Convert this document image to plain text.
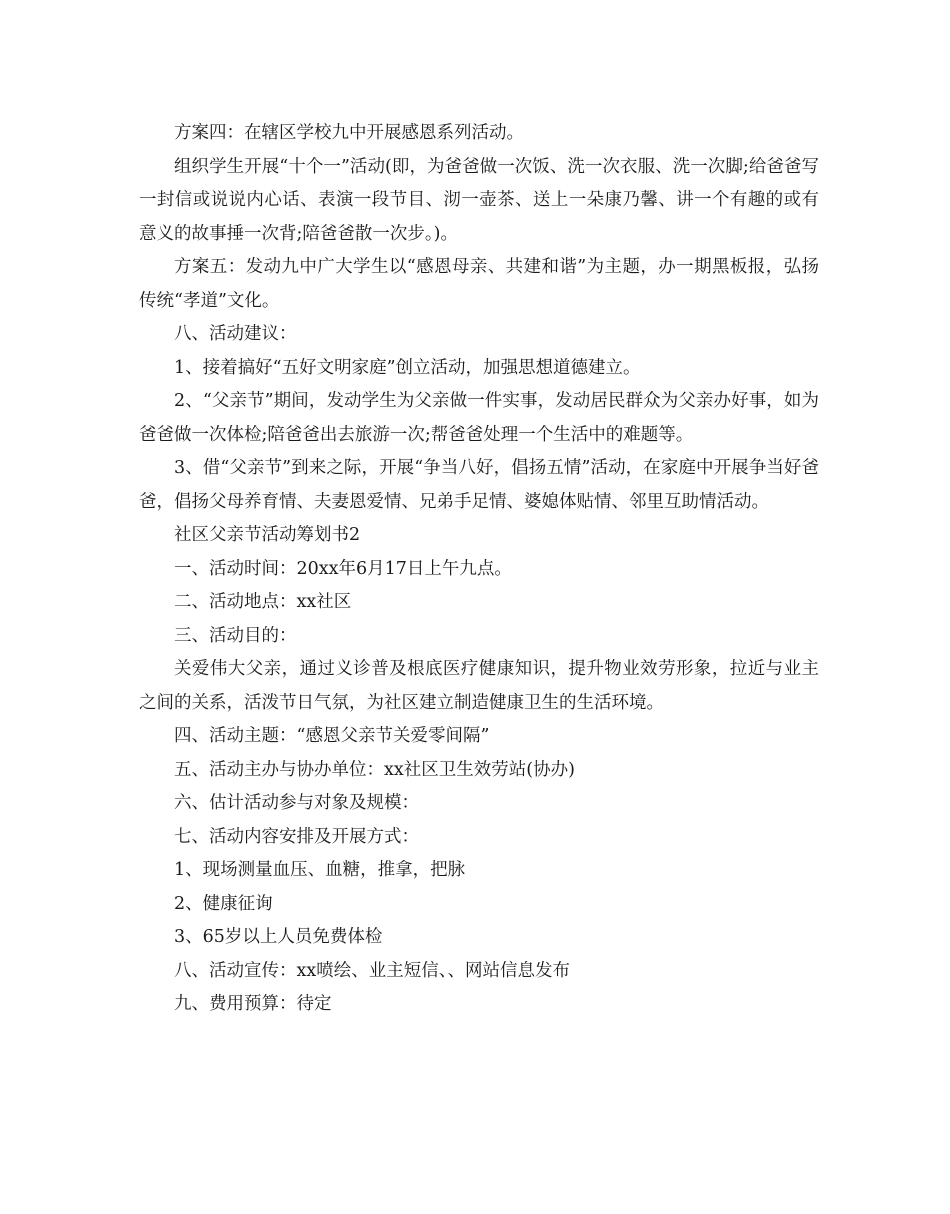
方案四：在辖区学校九中开展感恩系列活动。

组织学生开展“十个一”活动(即，为爸爸做一次饭、洗一次衣服、洗一次脚;给爸爸写一封信或说说内心话、表演一段节目、沏一壶茶、送上一朵康乃馨、讲一个有趣的或有意义的故事捶一次背;陪爸爸散一次步。)。

方案五：发动九中广大学生以“感恩母亲、共建和谐”为主题，办一期黑板报，弘扬传统“孝道”文化。

八、活动建议：

1、接着搞好“五好文明家庭”创立活动，加强思想道德建立。

2、“父亲节”期间，发动学生为父亲做一件实事，发动居民群众为父亲办好事，如为爸爸做一次体检;陪爸爸出去旅游一次;帮爸爸处理一个生活中的难题等。

3、借“父亲节”到来之际，开展“争当八好，倡扬五情”活动，在家庭中开展争当好爸爸，倡扬父母养育情、夫妻恩爱情、兄弟手足情、婆媳体贴情、邻里互助情活动。

社区父亲节活动筹划书2

一、活动时间：20xx年6月17日上午九点。

二、活动地点：xx社区

三、活动目的：

关爱伟大父亲，通过义诊普及根底医疗健康知识，提升物业效劳形象，拉近与业主之间的关系，活泼节日气氛，为社区建立制造健康卫生的生活环境。

四、活动主题：“感恩父亲节关爱零间隔”

五、活动主办与协办单位：xx社区卫生效劳站(协办)

六、估计活动参与对象及规模：

七、活动内容安排及开展方式：

1、现场测量血压、血糖，推拿，把脉

2、健康征询

3、65岁以上人员免费体检

八、活动宣传：xx喷绘、业主短信、、网站信息发布

九、费用预算：待定
